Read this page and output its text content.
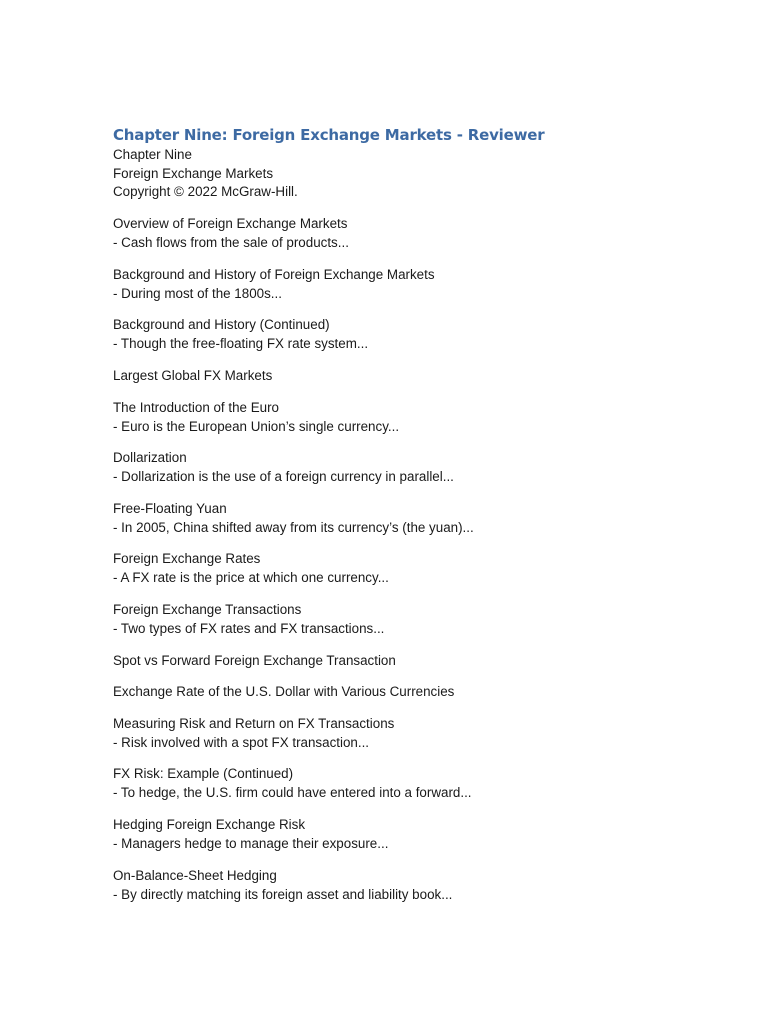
Chapter Nine: Foreign Exchange Markets - Reviewer
Chapter Nine
Foreign Exchange Markets
Copyright © 2022 McGraw-Hill.
Overview of Foreign Exchange Markets
- Cash flows from the sale of products...
Background and History of Foreign Exchange Markets
- During most of the 1800s...
Background and History (Continued)
- Though the free-floating FX rate system...
Largest Global FX Markets
The Introduction of the Euro
- Euro is the European Union’s single currency...
Dollarization
- Dollarization is the use of a foreign currency in parallel...
Free-Floating Yuan
- In 2005, China shifted away from its currency’s (the yuan)...
Foreign Exchange Rates
- A FX rate is the price at which one currency...
Foreign Exchange Transactions
- Two types of FX rates and FX transactions...
Spot vs Forward Foreign Exchange Transaction
Exchange Rate of the U.S. Dollar with Various Currencies
Measuring Risk and Return on FX Transactions
- Risk involved with a spot FX transaction...
FX Risk: Example (Continued)
- To hedge, the U.S. firm could have entered into a forward...
Hedging Foreign Exchange Risk
- Managers hedge to manage their exposure...
On-Balance-Sheet Hedging
- By directly matching its foreign asset and liability book...
